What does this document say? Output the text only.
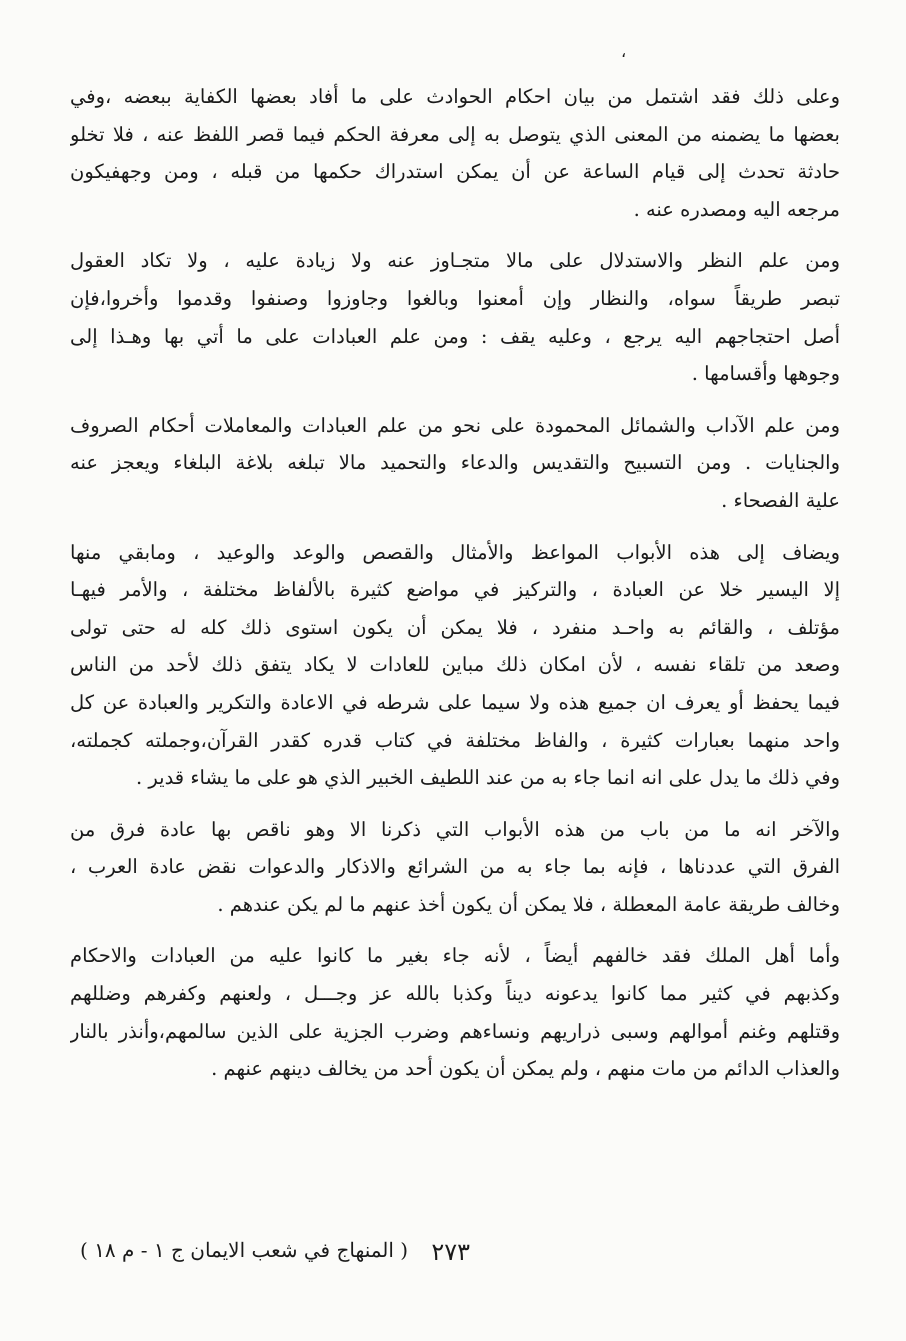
،
وعلى ذلك فقد اشتمل من بيان احكام الحوادث على ما أفاد بعضها الكفاية ببعضه ،وفي
بعضها ما يضمنه من المعنى الذي يتوصل به إلى معرفة الحكم فيما قصر اللفظ عنه ، فلا تخلو
حادثة تحدث إلى قيام الساعة عن أن يمكن استدراك حكمها من قبله ، ومن وجهفيكون
مرجعه اليه ومصدره عنه .
ومن علم النظر والاستدلال على مالا متجـاوز عنه ولا زيادة عليه ، ولا تكاد العقول
تبصر طريقاً سواه، والنظار وإن أمعنوا وبالغوا وجاوزوا وصنفوا وقدموا وأخروا،فإن
أصل احتجاجهم اليه يرجع ، وعليه يقف : ومن علم العبادات على ما أتي بها وهـذا إلى
وجوهها وأقسامها .
ومن علم الآداب والشمائل المحمودة على نحو من علم العبادات والمعاملات أحكام الصروف
والجنايات . ومن التسبيح والتقديس والدعاء والتحميد مالا تبلغه بلاغة البلغاء ويعجز عنه
علية الفصحاء .
ويضاف إلى هذه الأبواب المواعظ والأمثال والقصص والوعد والوعيد ، ومابقي منها
إلا اليسير خلا عن العبادة ، والتركيز في مواضع كثيرة بالألفاظ مختلفة ، والأمر فيهـا
مؤتلف ، والقائم به واحـد منفرد ، فلا يمكن أن يكون استوى ذلك كله له حتى تولى
وصعد من تلقاء نفسه ، لأن امكان ذلك مباين للعادات لا يكاد يتفق ذلك لأحد من الناس
فيما يحفظ أو يعرف ان جميع هذه ولا سيما على شرطه في الاعادة والتكرير والعبادة عن كل
واحد منهما بعبارات كثيرة ، والفاظ مختلفة في كتاب قدره كقدر القرآن،وجملته كجملته،
وفي ذلك ما يدل على انه انما جاء به من عند اللطيف الخبير الذي هو على ما يشاء قدير .
والآخر انه ما من باب من هذه الأبواب التي ذكرنا الا وهو ناقص بها عادة فرق من
الفرق التي عددناها ، فإنه بما جاء به من الشرائع والاذكار والدعوات نقض عادة العرب ،
وخالف طريقة عامة المعطلة ، فلا يمكن أن يكون أخذ عنهم ما لم يكن عندهم .
وأما أهل الملك فقد خالفهم أيضاً ، لأنه جاء بغير ما كانوا عليه من العبادات والاحكام
وكذبهم في كثير مما كانوا يدعونه ديناً وكذبا بالله عز وجـــل ، ولعنهم وكفرهم وضللهم
وقتلهم وغنم أموالهم وسبى ذراريهم ونساءهم وضرب الجزية على الذين سالمهم،وأنذر بالنار
والعذاب الدائم من مات منهم ، ولم يمكن أن يكون أحد من يخالف دينهم عنهم .
٢٧٣
( المنهاج في شعب الايمان ج ١ - م ١٨ )
